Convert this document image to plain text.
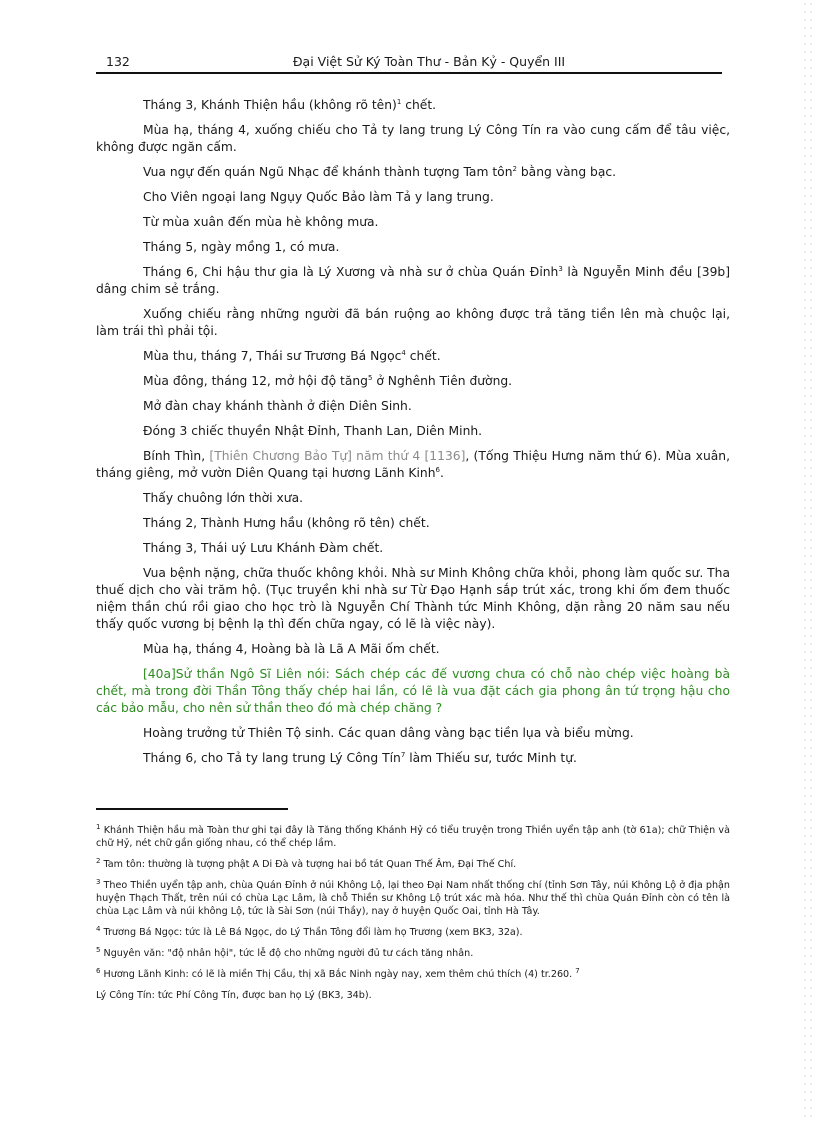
132	Đại Việt Sử Ký Toàn Thư - Bản Kỷ - Quyển III

Tháng 3, Khánh Thiện hầu (không rõ tên)$^1$ chết.

Mùa hạ, tháng 4, xuống chiếu cho Tả ty lang trung Lý Công Tín ra vào cung cấm để tâu việc, không được ngăn cấm.

Vua ngự đến quán Ngũ Nhạc để khánh thành tượng Tam tôn$^2$ bằng vàng bạc.

Cho Viên ngoại lang Ngụy Quốc Bảo làm Tả y lang trung.

Từ mùa xuân đến mùa hè không mưa.

Tháng 5, ngày mồng 1, có mưa.

Tháng 6, Chi hậu thư gia là Lý Xương và nhà sư ở chùa Quán Đỉnh$^3$ là Nguyễn Minh đều [39b] dâng chim sẻ trắng.

Xuống chiếu rằng những người đã bán ruộng ao không được trả tăng tiền lên mà chuộc lại, làm trái thì phải tội.

Mùa thu, tháng 7, Thái sư Trương Bá Ngọc$^4$ chết.

Mùa đông, tháng 12, mở hội độ tăng$^5$ ở Nghênh Tiên đường.

Mở đàn chay khánh thành ở điện Diên Sinh.

Đóng 3 chiếc thuyền Nhật Đỉnh, Thanh Lan, Diên Minh.

Bính Thìn, [Thiên Chương Bảo Tự] năm thứ 4 [1136], (Tống Thiệu Hưng năm thứ 6). Mùa xuân, tháng giêng, mở vườn Diên Quang tại hương Lãnh Kinh$^6$.

Thấy chuông lớn thời xưa.

Tháng 2, Thành Hưng hầu (không rõ tên) chết.

Tháng 3, Thái uý Lưu Khánh Đàm chết.

Vua bệnh nặng, chữa thuốc không khỏi. Nhà sư Minh Không chữa khỏi, phong làm quốc sư. Tha thuế dịch cho vài trăm hộ. (Tục truyền khi nhà sư Từ Đạo Hạnh sắp trút xác, trong khi ốm đem thuốc niệm thần chú rồi giao cho học trò là Nguyễn Chí Thành tức Minh Không, dặn rằng 20 năm sau nếu thấy quốc vương bị bệnh lạ thì đến chữa ngay, có lẽ là việc này).

Mùa hạ, tháng 4, Hoàng bà là Lã A Mãi ốm chết.

[40a]Sử thần Ngô Sĩ Liên nói: Sách chép các đế vương chưa có chỗ nào chép việc hoàng bà chết, mà trong đời Thần Tông thấy chép hai lần, có lẽ là vua đặt cách gia phong ân tứ trọng hậu cho các bảo mẫu, cho nên sử thần theo đó mà chép chăng ?

Hoàng trưởng tử Thiên Tộ sinh. Các quan dâng vàng bạc tiền lụa và biểu mừng.

Tháng 6, cho Tả ty lang trung Lý Công Tín$^7$ làm Thiếu sư, tước Minh tự.

$^1$ Khánh Thiện hầu mà Toàn thư ghi tại đây là Tăng thống Khánh Hỷ có tiểu truyện trong Thiền uyển tập anh (tờ 61a); chữ Thiện và chữ Hỷ, nét chữ gần giống nhau, có thể chép lầm.
$^2$ Tam tôn: thường là tượng phật A Di Đà và tượng hai bồ tát Quan Thế Âm, Đại Thế Chí.
$^3$ Theo Thiền uyển tập anh, chùa Quán Đỉnh ở núi Không Lộ, lại theo Đại Nam nhất thống chí (tỉnh Sơn Tây, núi Không Lộ ở địa phận huyện Thạch Thất, trên núi có chùa Lạc Lâm, là chỗ Thiền sư Không Lộ trút xác mà hóa. Như thế thì chùa Quán Đỉnh còn có tên là chùa Lạc Lâm và núi không Lộ, tức là Sài Sơn (núi Thầy), nay ở huyện Quốc Oai, tỉnh Hà Tây.
$^4$ Trương Bá Ngọc: tức là Lê Bá Ngọc, do Lý Thần Tông đổi làm họ Trương (xem BK3, 32a).
$^5$ Nguyên văn: "độ nhân hội", tức lễ độ cho những người đủ tư cách tăng nhân.
$^6$ Hương Lãnh Kinh: có lẽ là miền Thị Cầu, thị xã Bắc Ninh ngày nay, xem thêm chú thích (4) tr.260. $^7$
Lý Công Tín: tức Phí Công Tín, được ban họ Lý (BK3, 34b).
